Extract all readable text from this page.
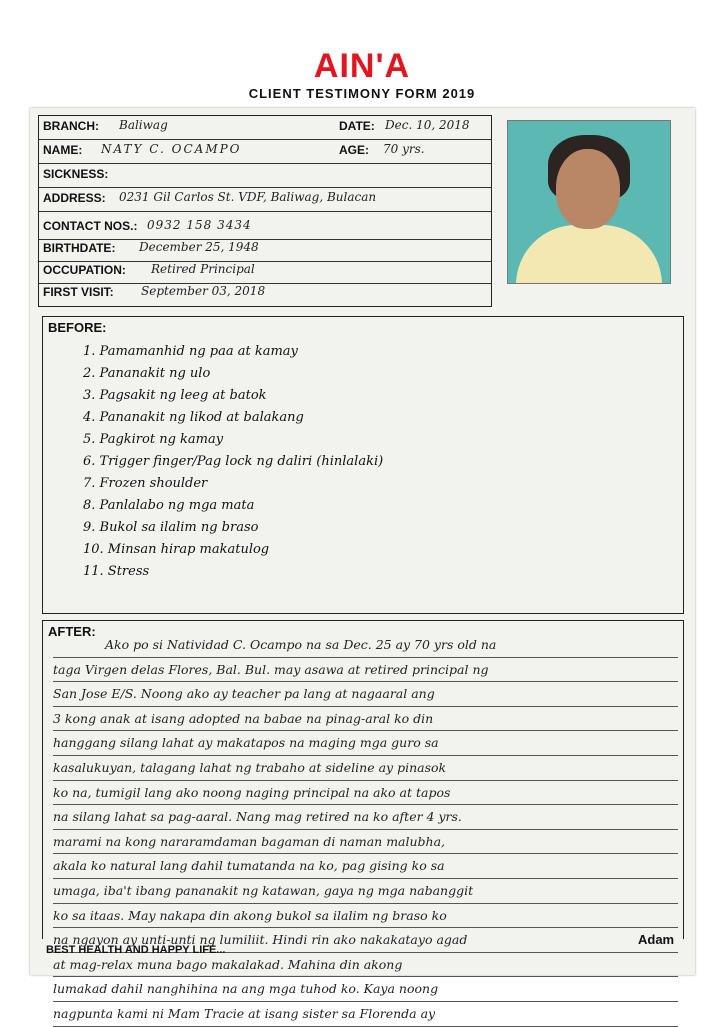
AIN'A
CLIENT TESTIMONY FORM 2019
BRANCH: Baliwag	DATE: Dec. 10, 2018
NAME: NATY C. OCAMPO	AGE: 70 yrs.
SICKNESS:
ADDRESS: 0231 Gil Carlos St. VDF, Baliwag, Bulacan
CONTACT NOS.: 0932 158 3434
BIRTHDATE: December 25, 1948
OCCUPATION: Retired Principal
FIRST VISIT: September 03, 2018
BEFORE:
1. Pamamanhid ng paa at kamay
2. Pananakit ng ulo
3. Pagsakit ng leeg at batok
4. Pananakit ng likod at balakang
5. Pagkirot ng kamay
6. Trigger finger/Pag lock ng daliri (hinlalaki)
7. Frozen shoulder
8. Panlalabo ng mga mata
9. Bukol sa ilalim ng braso
10. Minsan hirap makatulog
11. Stress
AFTER:
Ako po si Natividad C. Ocampo na sa Dec. 25 ay 70 yrs old na
taga Virgen delas Flores, Bal. Bul. may asawa at retired principal ng
San Jose E/S. Noong ako ay teacher pa lang at nagaaral ang
3 kong anak at isang adopted na babae na pinag-aral ko din
hanggang silang lahat ay makatapos na maging mga guro sa
kasalukuyan, talagang lahat ng trabaho at sideline ay pinasok
ko na, tumigil lang ako noong naging principal na ako at tapos
na silang lahat sa pag-aaral. Nang mag retired na ko after 4 yrs.
marami na kong nararamdaman bagaman di naman malubha,
akala ko natural lang dahil tumatanda na ko, pag gising ko sa
umaga, iba't ibang pananakit ng katawan, gaya ng mga nabanggit
ko sa itaas. May nakapa din akong bukol sa ilalim ng braso ko
na ngayon ay unti-unti ng lumiliit. Hindi rin ako nakakatayo agad
at mag-relax muna bago makalakad. Mahina din akong
lumakad dahil nanghihina na ang mga tuhod ko. Kaya noong
nagpunta kami ni Mam Tracie at isang sister sa Florenda ay
BEST HEALTH AND HAPPY LIFE...
Adam
